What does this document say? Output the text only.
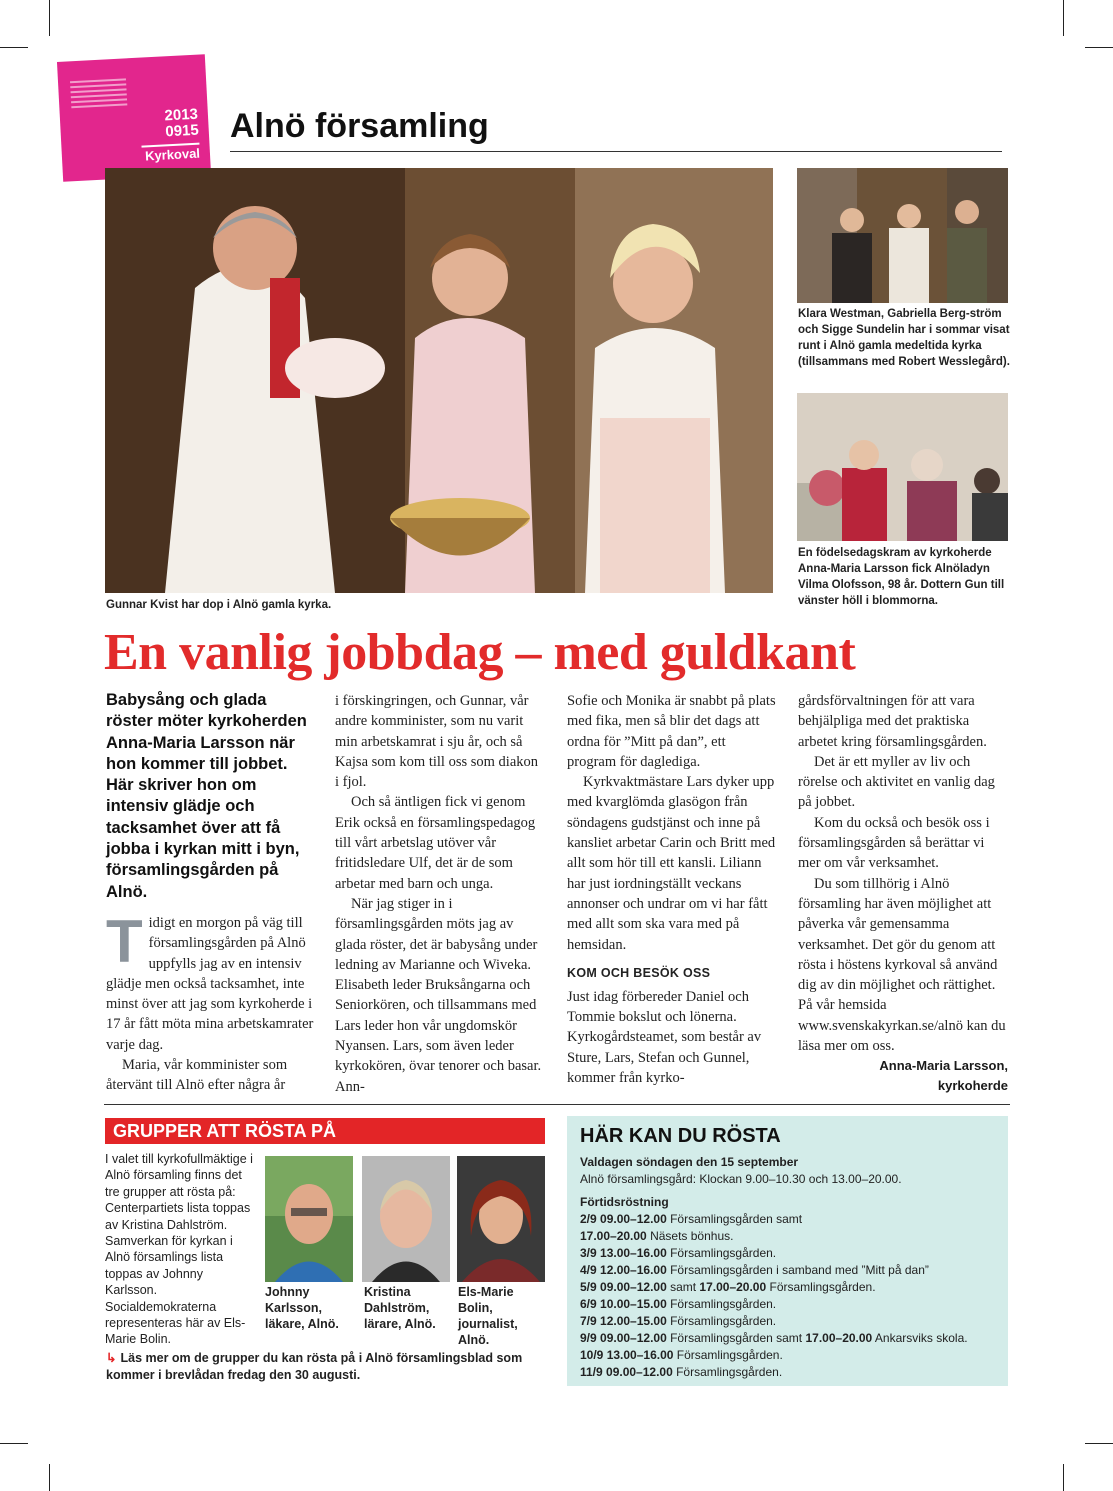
2013
0915
Kyrkoval
Alnö församling
Gunnar Kvist har dop i Alnö gamla kyrka.
Klara Westman, Gabriella Berg-ström och Sigge Sundelin har i sommar visat runt i Alnö gamla medeltida kyrka (tillsammans med Robert Wesslegård).
En födelsedagskram av kyrkoherde Anna-Maria Larsson fick Alnöladyn Vilma Olofsson, 98 år. Dottern Gun till vänster höll i blommorna.
En vanlig jobbdag – med guldkant
Babysång och glada röster möter kyrkoherden Anna-Maria Larsson när hon kommer till jobbet. Här skriver hon om intensiv glädje och tacksamhet över att få jobba i kyrkan mitt i byn, församlingsgården på Alnö.

Tidigt en morgon på väg till församlingsgården på Alnö uppfylls jag av en intensiv glädje men också tacksamhet, inte minst över att jag som kyrkoherde i 17 år fått möta mina arbetskamrater varje dag.

Maria, vår komminister som återvänt till Alnö efter några år

i förskingringen, och Gunnar, vår andre komminister, som nu varit min arbetskamrat i sju år, och så Kajsa som kom till oss som diakon i fjol.

Och så äntligen fick vi genom Erik också en församlingspedagog till vårt arbetslag utöver vår fritidsledare Ulf, det är de som arbetar med barn och unga.

När jag stiger in i församlingsgården möts jag av glada röster, det är babysång under ledning av Marianne och Wiveka. Elisabeth leder Bruksångarna och Seniorkören, och tillsammans med Lars leder hon vår ungdomskör Nyansen. Lars, som även leder kyrkokören, övar tenorer och basar. Ann-

Sofie och Monika är snabbt på plats med fika, men så blir det dags att ordna för ”Mitt på dan”, ett program för daglediga.

Kyrkvaktmästare Lars dyker upp med kvarglömda glasögon från söndagens gudstjänst och inne på kansliet arbetar Carin och Britt med allt som hör till ett kansli. Liliann har just iordningställt veckans annonser och undrar om vi har fått med allt som ska vara med på hemsidan.

KOM OCH BESÖK OSS

Just idag förbereder Daniel och Tommie bokslut och lönerna. Kyrkogårdsteamet, som består av Sture, Lars, Stefan och Gunnel, kommer från kyrko-

gårdsförvaltningen för att vara behjälpliga med det praktiska arbetet kring församlingsgården.

Det är ett myller av liv och rörelse och aktivitet en vanlig dag på jobbet.

Kom du också och besök oss i församlingsgården så berättar vi mer om vår verksamhet.

Du som tillhörig i Alnö församling har även möjlighet att påverka vår gemensamma verksamhet. Det gör du genom att rösta i höstens kyrkoval så använd dig av din möjlighet och rättighet. På vår hemsida www.svenskakyrkan.se/alnö kan du läsa mer om oss.

Anna-Maria Larsson,
kyrkoherde
GRUPPER ATT RÖSTA PÅ
I valet till kyrkofullmäktige i Alnö församling finns det tre grupper att rösta på: Centerpartiets lista toppas av Kristina Dahlström. Samverkan för kyrkan i Alnö församlings lista toppas av Johnny Karlsson. Socialdemokraterna representeras här av Els-Marie Bolin.
Johnny Karlsson, läkare, Alnö.
Kristina Dahlström, lärare, Alnö.
Els-Marie Bolin, journalist, Alnö.
↳ Läs mer om de grupper du kan rösta på i Alnö församlingsblad som kommer i brevlådan fredag den 30 augusti.
HÄR KAN DU RÖSTA
Valdagen söndagen den 15 september
Alnö församlingsgård: Klockan 9.00–10.30 och 13.00–20.00.
Förtidsröstning
2/9 09.00–12.00 Församlingsgården samt
17.00–20.00 Näsets bönhus.
3/9 13.00–16.00 Församlingsgården.
4/9 12.00–16.00 Församlingsgården i samband med ”Mitt på dan”
5/9 09.00–12.00 samt 17.00–20.00 Församlingsgården.
6/9 10.00–15.00 Församlingsgården.
7/9 12.00–15.00 Församlingsgården.
9/9 09.00–12.00 Församlingsgården samt 17.00–20.00 Ankarsviks skola.
10/9 13.00–16.00 Församlingsgården.
11/9 09.00–12.00 Församlingsgården.
